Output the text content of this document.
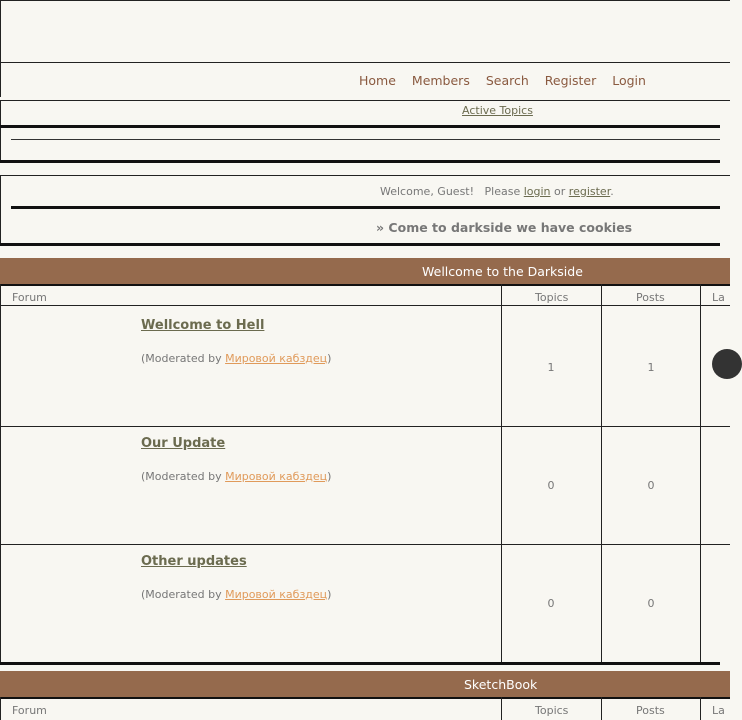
Home Members Search Register Login
Active Topics
Welcome, Guest! Please login or register.
» Come to darkside we have cookies
Wellcome to the Darkside
Forum	Topics	Posts	La
Wellcome to Hell
(Moderated by Мировой кабздец)
1	1
Our Update
(Moderated by Мировой кабздец)
0	0
Other updates
(Moderated by Мировой кабздец)
0	0
SketchBook
Forum	Topics	Posts	La
